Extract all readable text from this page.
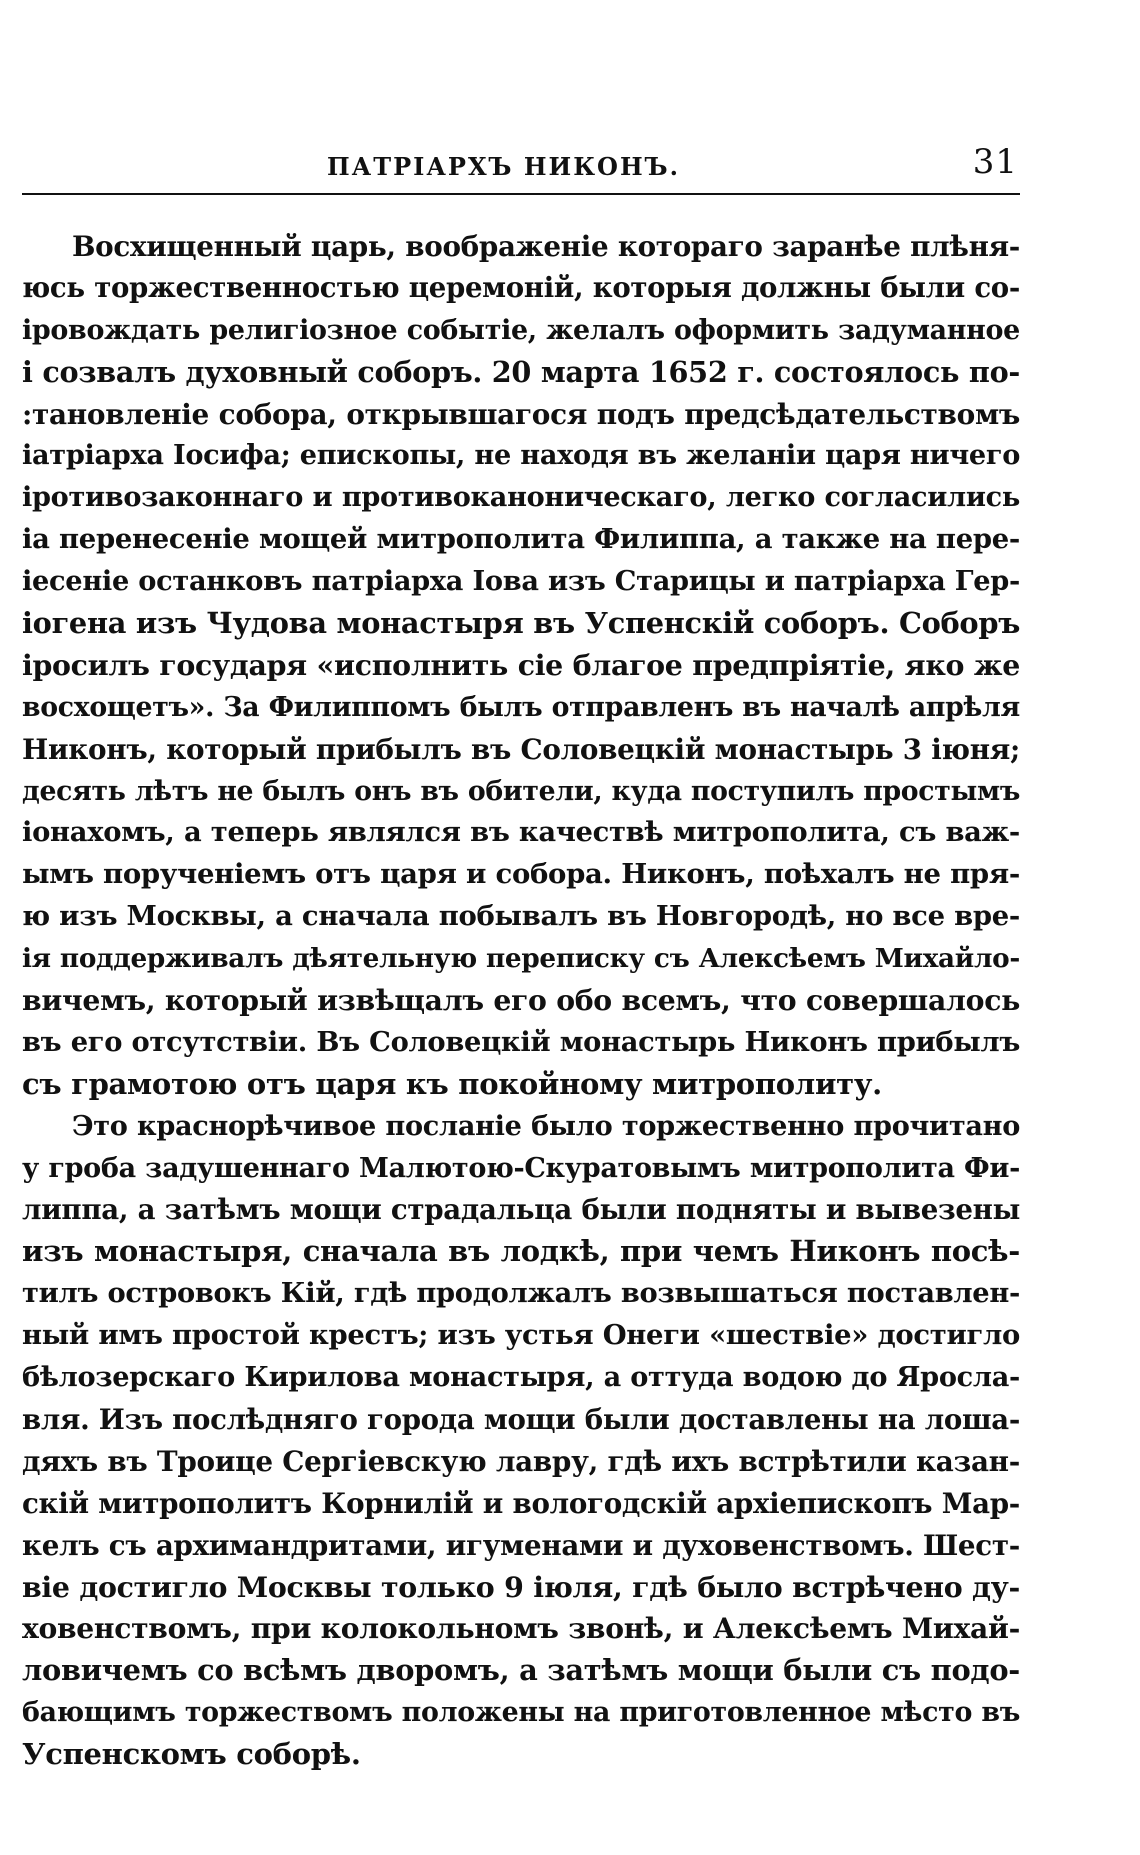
ПАТРІАРХЪ НИКОНЪ.	31
Восхищенный царь, воображеніе котораго заранѣе плѣня-
юсь торжественностью церемоній, которыя должны были со-
іровождать религіозное событіе, желалъ оформить задуманное
і созвалъ духовный соборъ. 20 марта 1652 г. состоялось по-
:тановленіе собора, открывшагося подъ предсѣдательствомъ
іатріарха Іосифа; епископы, не находя въ желаніи царя ничего
іротивозаконнаго и противоканоническаго, легко согласились
іа перенесеніе мощей митрополита Филиппа, а также на пере-
іесеніе останковъ патріарха Іова изъ Старицы и патріарха Гер-
іогена изъ Чудова монастыря въ Успенскій соборъ. Соборъ
іросилъ государя «исполнить сіе благое предпріятіе, яко же
восхощетъ». За Филиппомъ былъ отправленъ въ началѣ апрѣля
Никонъ, который прибылъ въ Соловецкій монастырь 3 іюня;
десять лѣтъ не былъ онъ въ обители, куда поступилъ простымъ
іонахомъ, а теперь являлся въ качествѣ митрополита, съ важ-
ымъ порученіемъ отъ царя и собора. Никонъ, поѣхалъ не пря-
ю изъ Москвы, а сначала побывалъ въ Новгородѣ, но все вре-
ія поддерживалъ дѣятельную переписку съ Алексѣемъ Михайло-
вичемъ, который извѣщалъ его обо всемъ, что совершалось
въ его отсутствіи. Въ Соловецкій монастырь Никонъ прибылъ
съ грамотою отъ царя къ покойному митрополиту.
Это краснорѣчивое посланіе было торжественно прочитано
у гроба задушеннаго Малютою-Скуратовымъ митрополита Фи-
липпа, а затѣмъ мощи страдальца были подняты и вывезены
изъ монастыря, сначала въ лодкѣ, при чемъ Никонъ посѣ-
тилъ островокъ Кій, гдѣ продолжалъ возвышаться поставлен-
ный имъ простой крестъ; изъ устья Онеги «шествіе» достигло
бѣлозерскаго Кирилова монастыря, а оттуда водою до Яросла-
вля. Изъ послѣдняго города мощи были доставлены на лоша-
дяхъ въ Троице Сергіевскую лавру, гдѣ ихъ встрѣтили казан-
скій митрополитъ Корнилій и вологодскій архіепископъ Мар-
келъ съ архимандритами, игуменами и духовенствомъ. Шест-
віе достигло Москвы только 9 іюля, гдѣ было встрѣчено ду-
ховенствомъ, при колокольномъ звонѣ, и Алексѣемъ Михай-
ловичемъ со всѣмъ дворомъ, а затѣмъ мощи были съ подо-
бающимъ торжествомъ положены на приготовленное мѣсто въ
Успенскомъ соборѣ.
